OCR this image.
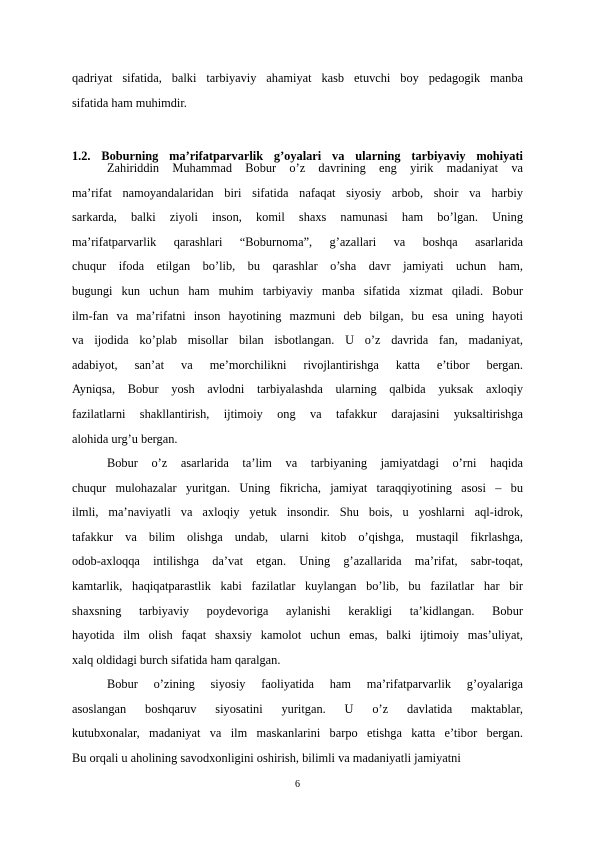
qadriyat sifatida, balki tarbiyaviy ahamiyat kasb etuvchi boy pedagogik manba
sifatida ham muhimdir.
1.2. Boburning ma’rifatparvarlik g’oyalari va ularning tarbiyaviy mohiyati
Zahiriddin Muhammad Bobur o’z davrining eng yirik madaniyat va
ma’rifat namoyandalaridan biri sifatida nafaqat siyosiy arbob, shoir va harbiy
sarkarda, balki ziyoli inson, komil shaxs namunasi ham bo’lgan. Uning
ma’rifatparvarlik qarashlari “Boburnoma”, g’azallari va boshqa asarlarida
chuqur ifoda etilgan bo’lib, bu qarashlar o’sha davr jamiyati uchun ham,
bugungi kun uchun ham muhim tarbiyaviy manba sifatida xizmat qiladi. Bobur
ilm-fan va ma’rifatni inson hayotining mazmuni deb bilgan, bu esa uning hayoti
va ijodida ko’plab misollar bilan isbotlangan. U o’z davrida fan, madaniyat,
adabiyot, san’at va me’morchilikni rivojlantirishga katta e’tibor bergan.
Ayniqsa, Bobur yosh avlodni tarbiyalashda ularning qalbida yuksak axloqiy
fazilatlarni shakllantirish, ijtimoiy ong va tafakkur darajasini yuksaltirishga
alohida urg’u bergan.
Bobur o’z asarlarida ta’lim va tarbiyaning jamiyatdagi o’rni haqida
chuqur mulohazalar yuritgan. Uning fikricha, jamiyat taraqqiyotining asosi – bu
ilmli, ma’naviyatli va axloqiy yetuk insondir. Shu bois, u yoshlarni aql-idrok,
tafakkur va bilim olishga undab, ularni kitob o’qishga, mustaqil fikrlashga,
odob-axloqqa intilishga da’vat etgan. Uning g’azallarida ma’rifat, sabr-toqat,
kamtarlik, haqiqatparastlik kabi fazilatlar kuylangan bo’lib, bu fazilatlar har bir
shaxsning tarbiyaviy poydevoriga aylanishi kerakligi ta’kidlangan. Bobur
hayotida ilm olish faqat shaxsiy kamolot uchun emas, balki ijtimoiy mas’uliyat,
xalq oldidagi burch sifatida ham qaralgan.
Bobur o’zining siyosiy faoliyatida ham ma’rifatparvarlik g’oyalariga
asoslangan boshqaruv siyosatini yuritgan. U o’z davlatida maktablar,
kutubxonalar, madaniyat va ilm maskanlarini barpo etishga katta e’tibor bergan.
Bu orqali u aholining savodxonligini oshirish, bilimli va madaniyatli jamiyatni
6
